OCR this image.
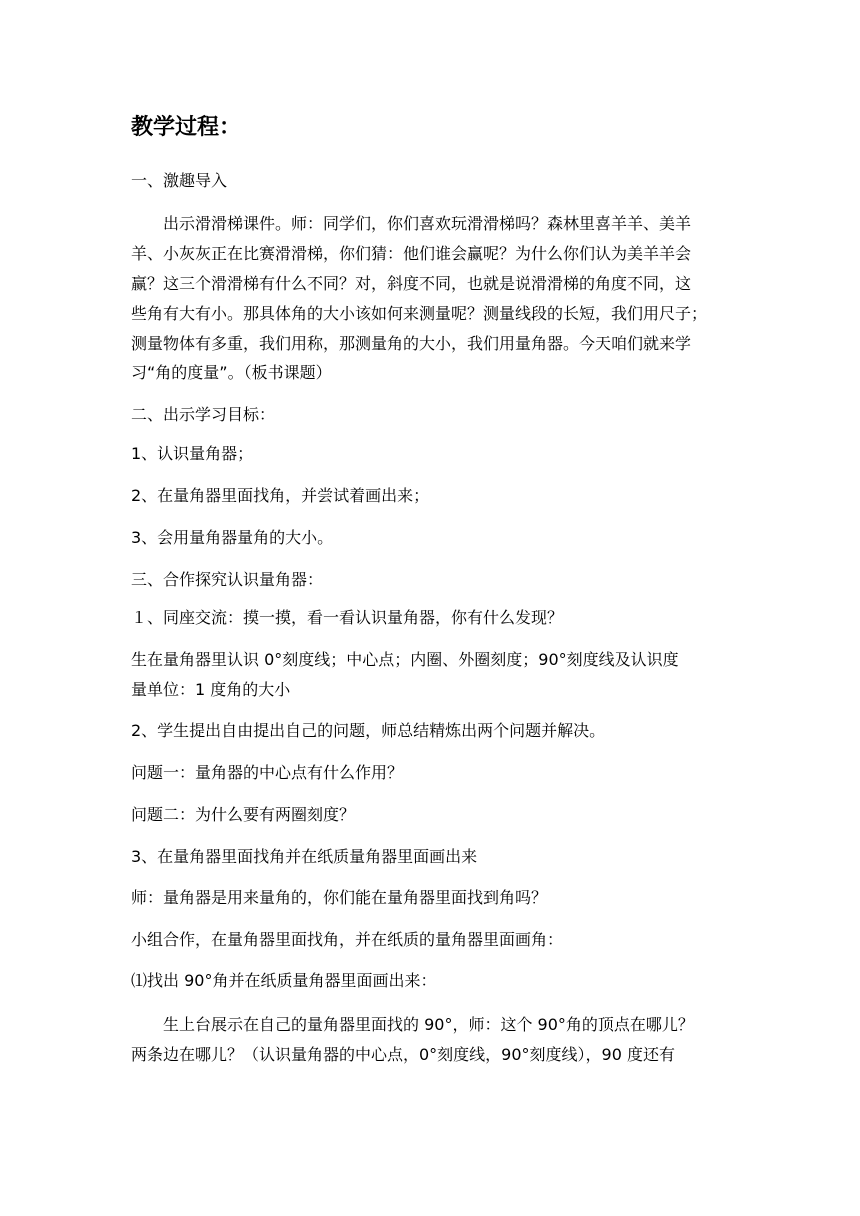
教学过程：
一、激趣导入
出示滑滑梯课件。师：同学们，你们喜欢玩滑滑梯吗？森林里喜羊羊、美羊
羊、小灰灰正在比赛滑滑梯，你们猜：他们谁会赢呢？为什么你们认为美羊羊会
赢？这三个滑滑梯有什么不同？对，斜度不同，也就是说滑滑梯的角度不同，这
些角有大有小。那具体角的大小该如何来测量呢？测量线段的长短，我们用尺子；
测量物体有多重，我们用称，那测量角的大小，我们用量角器。今天咱们就来学
习“角的度量”。（板书课题）
二、出示学习目标：
1、认识量角器；
2、在量角器里面找角，并尝试着画出来；
3、会用量角器量角的大小。
三、合作探究认识量角器：
１、同座交流：摸一摸，看一看认识量角器，你有什么发现？
生在量角器里认识 0°刻度线；中心点；内圈、外圈刻度；90°刻度线及认识度
量单位：1 度角的大小
2、学生提出自由提出自己的问题，师总结精炼出两个问题并解决。
问题一：量角器的中心点有什么作用？
问题二：为什么要有两圈刻度？
3、在量角器里面找角并在纸质量角器里面画出来
师：量角器是用来量角的，你们能在量角器里面找到角吗？
小组合作，在量角器里面找角，并在纸质的量角器里面画角：
⑴找出 90°角并在纸质量角器里面画出来：
生上台展示在自己的量角器里面找的 90°，师：这个 90°角的顶点在哪儿？
两条边在哪儿？（认识量角器的中心点，0°刻度线，90°刻度线），90 度还有
